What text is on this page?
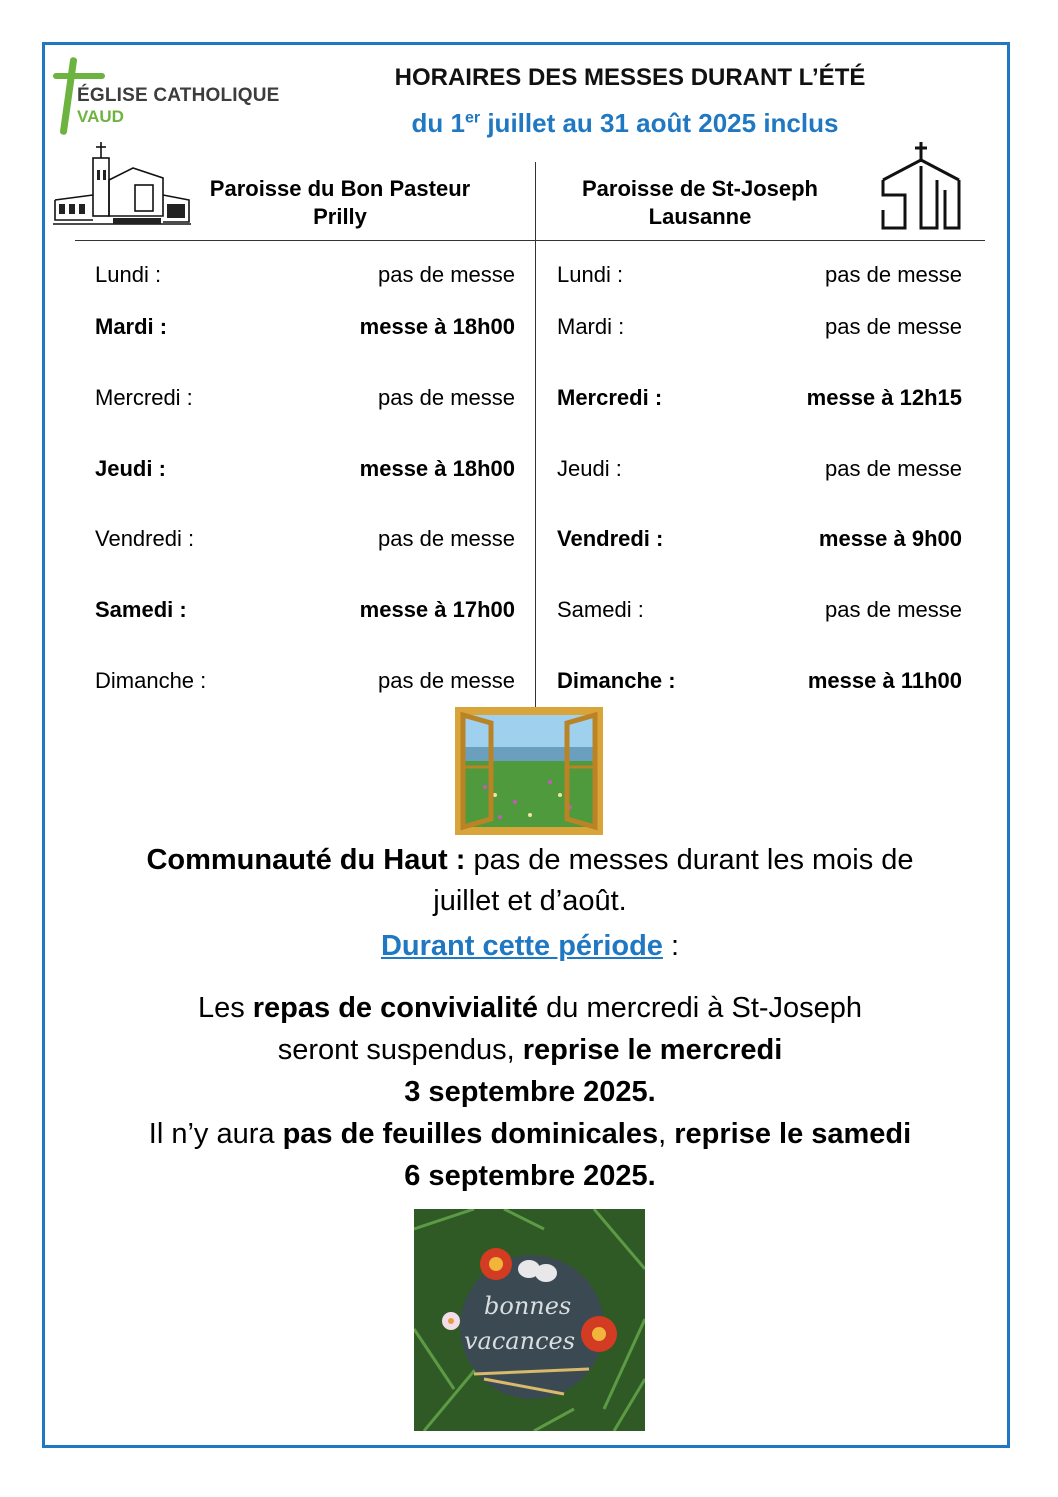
ÉGLISE CATHOLIQUE
VAUD
HORAIRES DES MESSES DURANT L’ÉTÉ
du 1er juillet au 31 août 2025 inclus
Paroisse du Bon Pasteur
Prilly
Paroisse de St-Joseph
Lausanne
Lundi :	pas de messe
Mardi :	messe à 18h00
Mercredi :	pas de messe
Jeudi :	messe à 18h00
Vendredi :	pas de messe
Samedi :	messe à 17h00
Dimanche :	pas de messe
Lundi :	pas de messe
Mardi :	pas de messe
Mercredi :	messe à 12h15
Jeudi :	pas de messe
Vendredi :	messe à 9h00
Samedi :	pas de messe
Dimanche :	messe à 11h00
Communauté du Haut : pas de messes durant les mois de
juillet et d’août.
Durant cette période :
Les repas de convivialité du mercredi à St-Joseph
seront suspendus, reprise le mercredi
3 septembre 2025.
Il n’y aura pas de feuilles dominicales, reprise le samedi
6 septembre 2025.
bonnes
vacances
